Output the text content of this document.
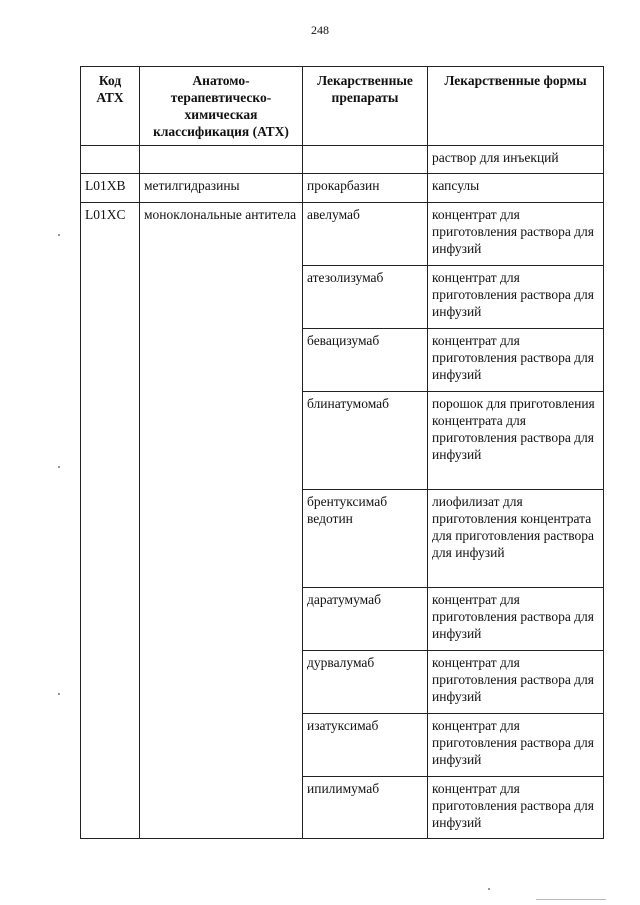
248
Код АТХ	Анатомо-терапевтическо-химическая классификация (АТХ)	Лекарственные препараты	Лекарственные формы
			раствор для инъекций
L01XB	метилгидразины	прокарбазин	капсулы
L01XC	моноклональные антитела	авелумаб	концентрат для приготовления раствора для инфузий
		атезолизумаб	концентрат для приготовления раствора для инфузий
		бевацизумаб	концентрат для приготовления раствора для инфузий
		блинатумомаб	порошок для приготовления концентрата для приготовления раствора для инфузий
		брентуксимаб ведотин	лиофилизат для приготовления концентрата для приготовления раствора для инфузий
		даратумумаб	концентрат для приготовления раствора для инфузий
		дурвалумаб	концентрат для приготовления раствора для инфузий
		изатуксимаб	концентрат для приготовления раствора для инфузий
		ипилимумаб	концентрат для приготовления раствора для инфузий
